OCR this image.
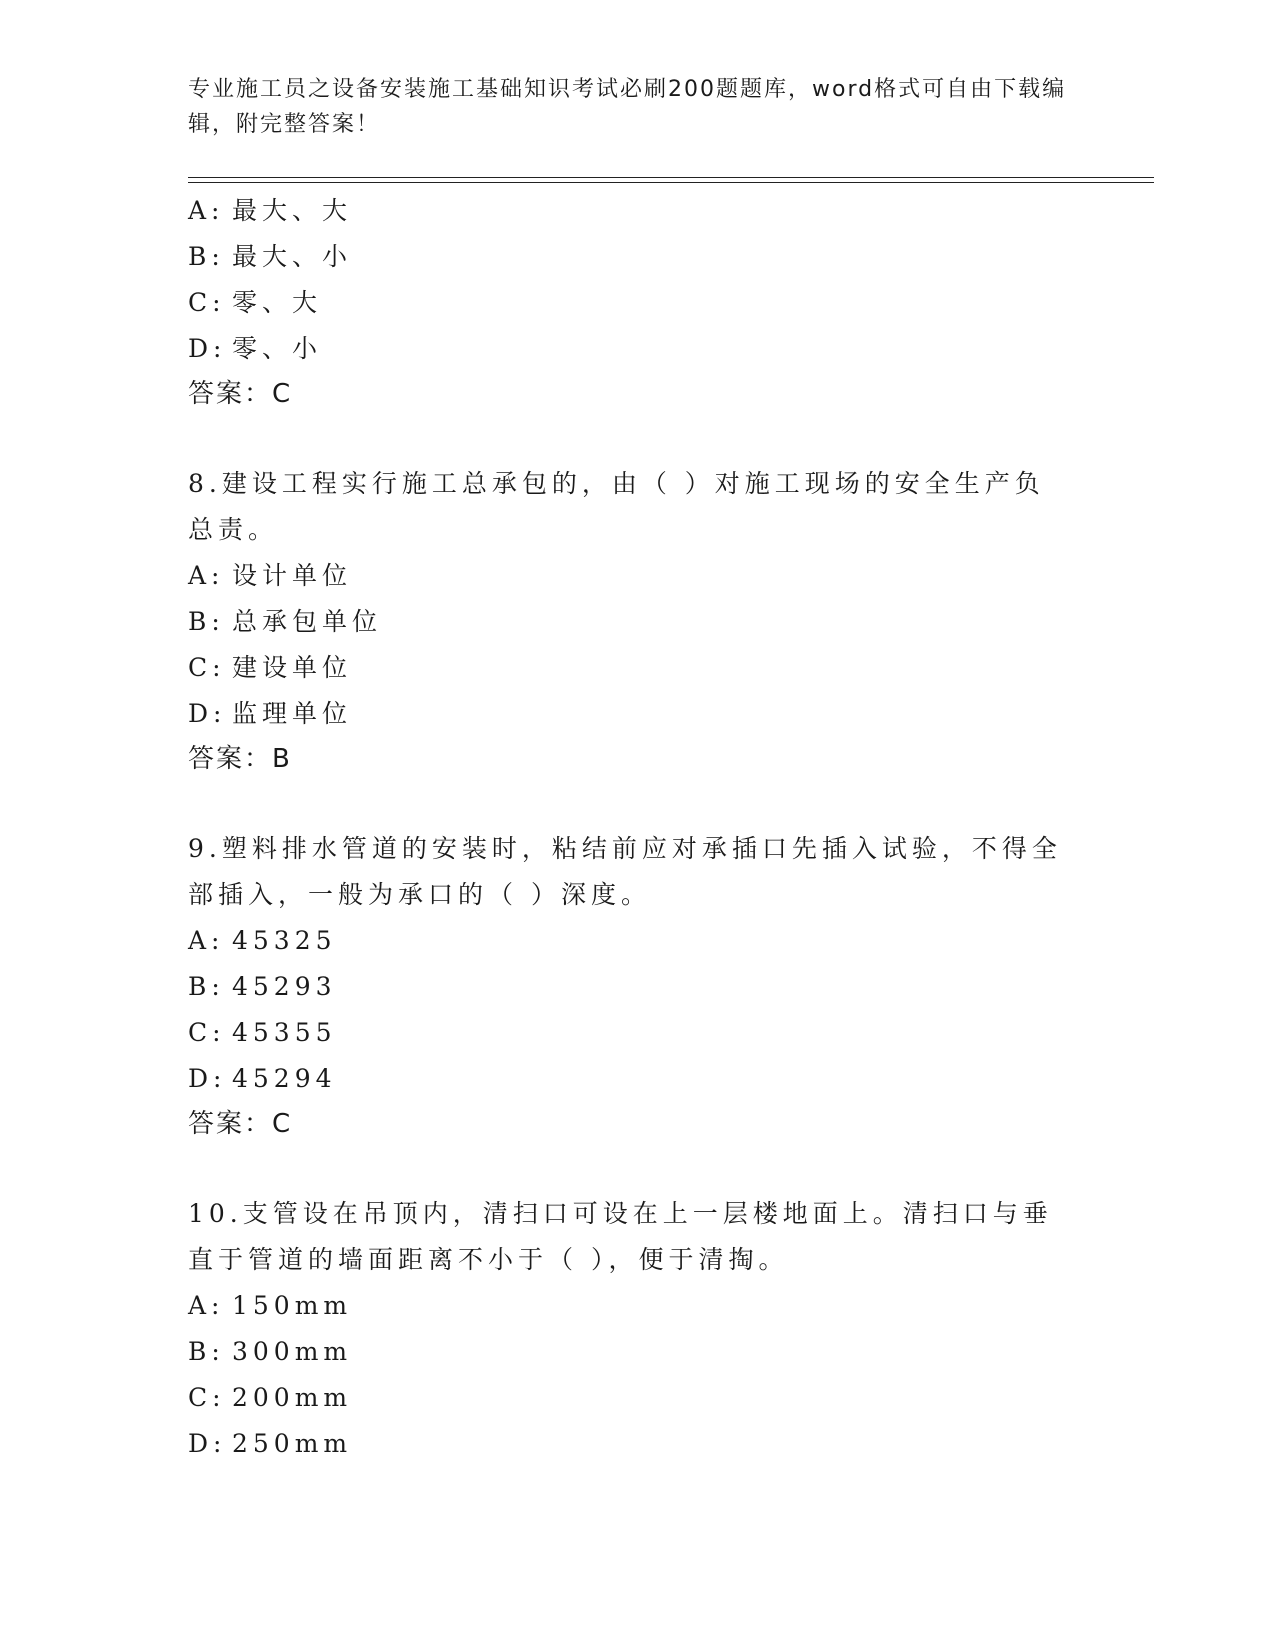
专业施工员之设备安装施工基础知识考试必刷200题题库，word格式可自由下载编辑，附完整答案！
A: 最大、大
B: 最大、小
C: 零、大
D: 零、小
答案：C
8.建设工程实行施工总承包的，由（ ）对施工现场的安全生产负总责。
A: 设计单位
B: 总承包单位
C: 建设单位
D: 监理单位
答案：B
9.塑料排水管道的安装时，粘结前应对承插口先插入试验，不得全部插入，一般为承口的（ ）深度。
A: 45325
B: 45293
C: 45355
D: 45294
答案：C
10.支管设在吊顶内，清扫口可设在上一层楼地面上。清扫口与垂直于管道的墙面距离不小于（ ），便于清掏。
A: 150mm
B: 300mm
C: 200mm
D: 250mm
